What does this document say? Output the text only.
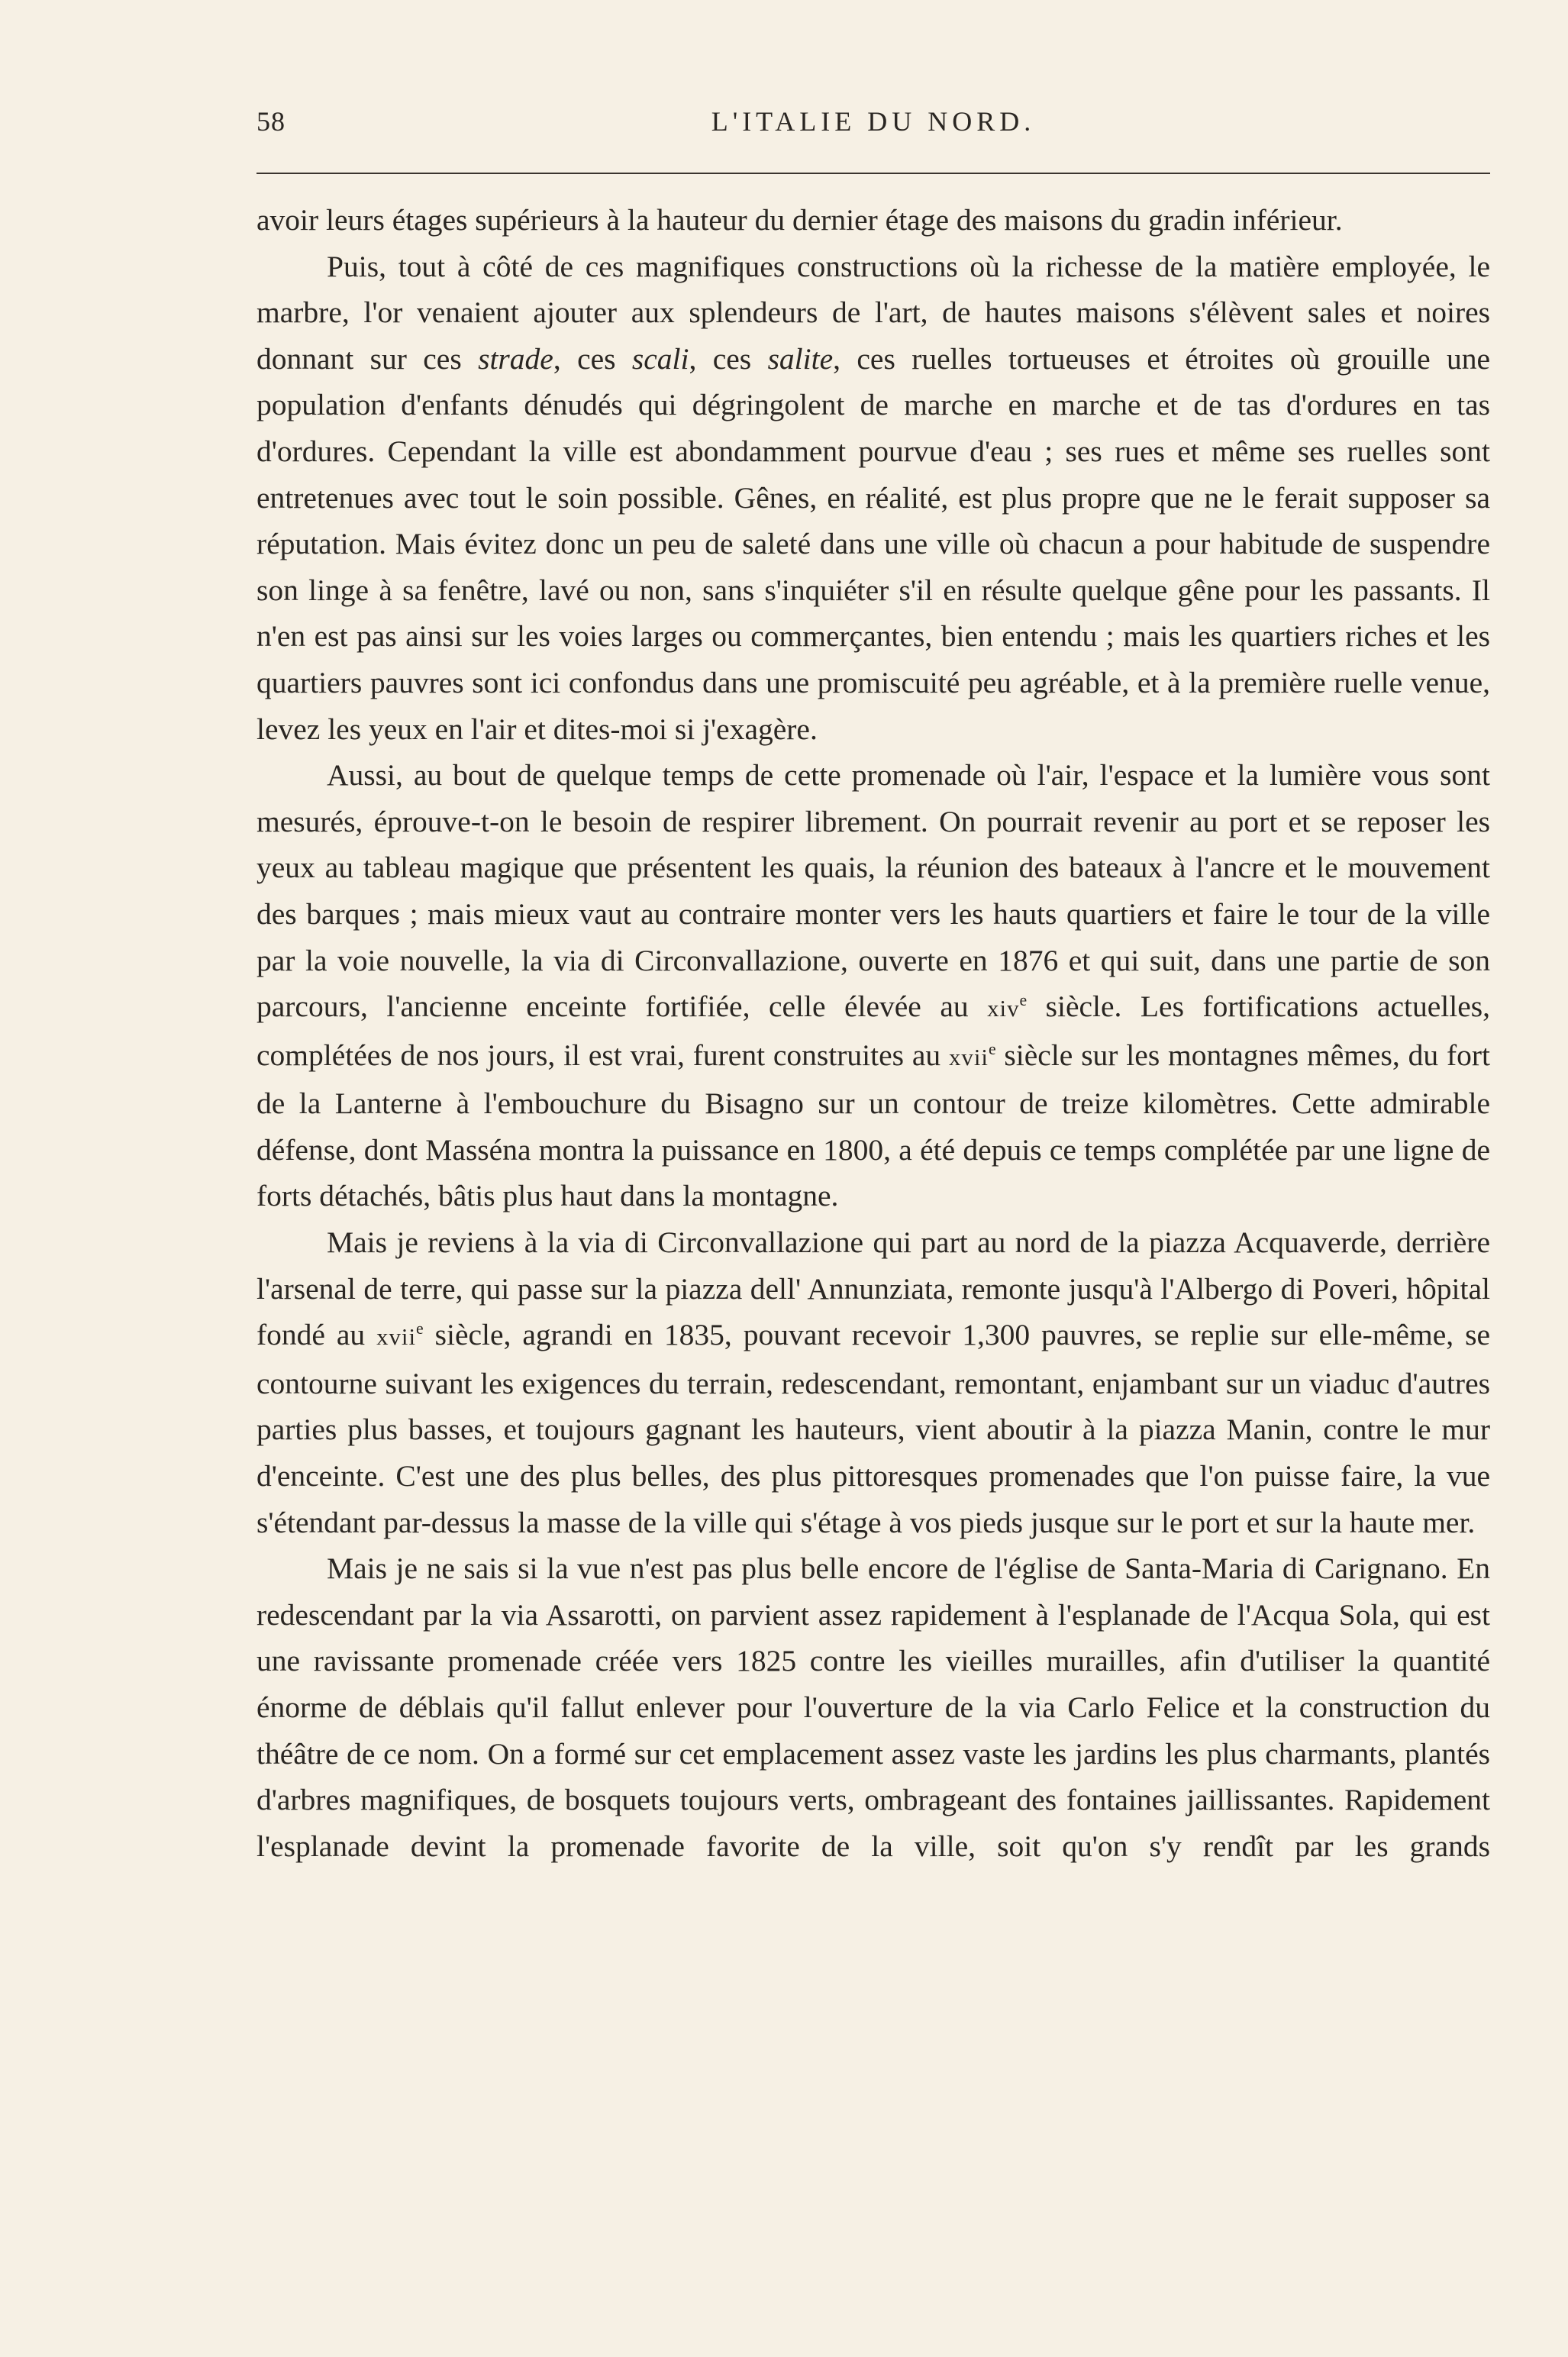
58	L'ITALIE DU NORD.

avoir leurs étages supérieurs à la hauteur du dernier étage des maisons du gradin inférieur.

Puis, tout à côté de ces magnifiques constructions où la richesse de la matière employée, le marbre, l'or venaient ajouter aux splendeurs de l'art, de hautes maisons s'élèvent sales et noires donnant sur ces strade, ces scali, ces salite, ces ruelles tortueuses et étroites où grouille une population d'enfants dénudés qui dégringolent de marche en marche et de tas d'ordures en tas d'ordures. Cependant la ville est abondamment pourvue d'eau ; ses rues et même ses ruelles sont entretenues avec tout le soin possible. Gênes, en réalité, est plus propre que ne le ferait supposer sa réputation. Mais évitez donc un peu de saleté dans une ville où chacun a pour habitude de suspendre son linge à sa fenêtre, lavé ou non, sans s'inquiéter s'il en résulte quelque gêne pour les passants. Il n'en est pas ainsi sur les voies larges ou commerçantes, bien entendu ; mais les quartiers riches et les quartiers pauvres sont ici confondus dans une promiscuité peu agréable, et à la première ruelle venue, levez les yeux en l'air et dites-moi si j'exagère.

Aussi, au bout de quelque temps de cette promenade où l'air, l'espace et la lumière vous sont mesurés, éprouve-t-on le besoin de respirer librement. On pourrait revenir au port et se reposer les yeux au tableau magique que présentent les quais, la réunion des bateaux à l'ancre et le mouvement des barques ; mais mieux vaut au contraire monter vers les hauts quartiers et faire le tour de la ville par la voie nouvelle, la via di Circonvallazione, ouverte en 1876 et qui suit, dans une partie de son parcours, l'ancienne enceinte fortifiée, celle élevée au xiv$^e$ siècle. Les fortifications actuelles, complétées de nos jours, il est vrai, furent construites au xvii$^e$ siècle sur les montagnes mêmes, du fort de la Lanterne à l'embouchure du Bisagno sur un contour de treize kilomètres. Cette admirable défense, dont Masséna montra la puissance en 1800, a été depuis ce temps complétée par une ligne de forts détachés, bâtis plus haut dans la montagne.

Mais je reviens à la via di Circonvallazione qui part au nord de la piazza Acquaverde, derrière l'arsenal de terre, qui passe sur la piazza dell' Annunziata, remonte jusqu'à l'Albergo di Poveri, hôpital fondé au xvii$^e$ siècle, agrandi en 1835, pouvant recevoir 1,300 pauvres, se replie sur elle-même, se contourne suivant les exigences du terrain, redescendant, remontant, enjambant sur un viaduc d'autres parties plus basses, et toujours gagnant les hauteurs, vient aboutir à la piazza Manin, contre le mur d'enceinte. C'est une des plus belles, des plus pittoresques promenades que l'on puisse faire, la vue s'étendant par-dessus la masse de la ville qui s'étage à vos pieds jusque sur le port et sur la haute mer.

Mais je ne sais si la vue n'est pas plus belle encore de l'église de Santa-Maria di Carignano. En redescendant par la via Assarotti, on parvient assez rapidement à l'esplanade de l'Acqua Sola, qui est une ravissante promenade créée vers 1825 contre les vieilles murailles, afin d'utiliser la quantité énorme de déblais qu'il fallut enlever pour l'ouverture de la via Carlo Felice et la construction du théâtre de ce nom. On a formé sur cet emplacement assez vaste les jardins les plus charmants, plantés d'arbres magnifiques, de bosquets toujours verts, ombrageant des fontaines jaillissantes. Rapidement l'esplanade devint la promenade favorite de la ville, soit qu'on s'y rendît par les grands
